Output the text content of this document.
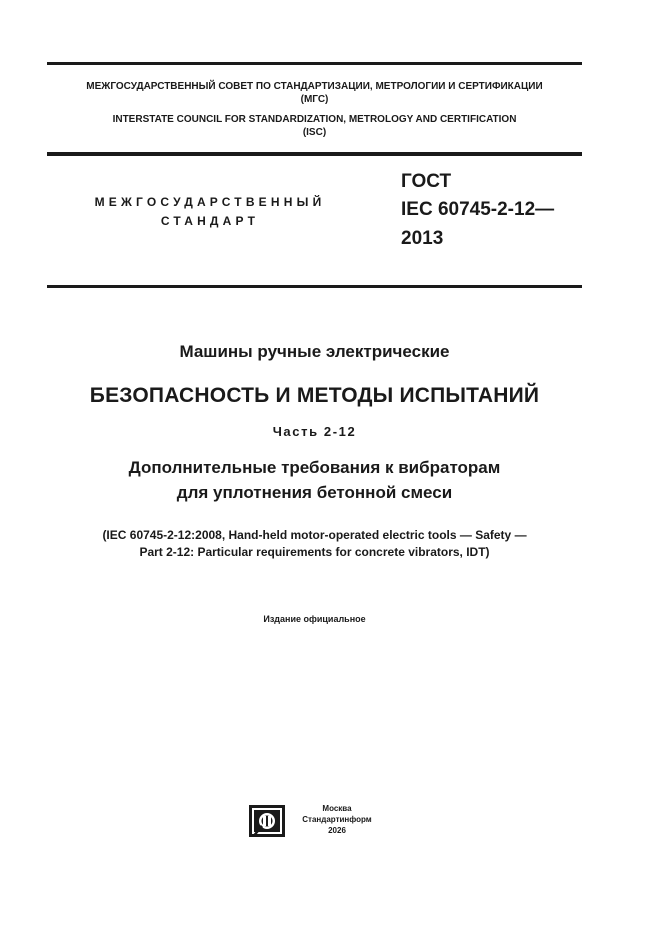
МЕЖГОСУДАРСТВЕННЫЙ СОВЕТ ПО СТАНДАРТИЗАЦИИ, МЕТРОЛОГИИ И СЕРТИФИКАЦИИ
(МГС)
INTERSTATE COUNCIL FOR STANDARDIZATION, METROLOGY AND CERTIFICATION
(ISC)
МЕЖГОСУДАРСТВЕННЫЙ
СТАНДАРТ
ГОСТ
IEC 60745-2-12—
2013
Машины ручные электрические
БЕЗОПАСНОСТЬ И МЕТОДЫ ИСПЫТАНИЙ
Часть 2-12
Дополнительные требования к вибраторам
для уплотнения бетонной смеси
(IEC 60745-2-12:2008, Hand-held motor-operated electric tools — Safety —
Part 2-12: Particular requirements for concrete vibrators, IDT)
Издание официальное
Москва
Стандартинформ
2026
